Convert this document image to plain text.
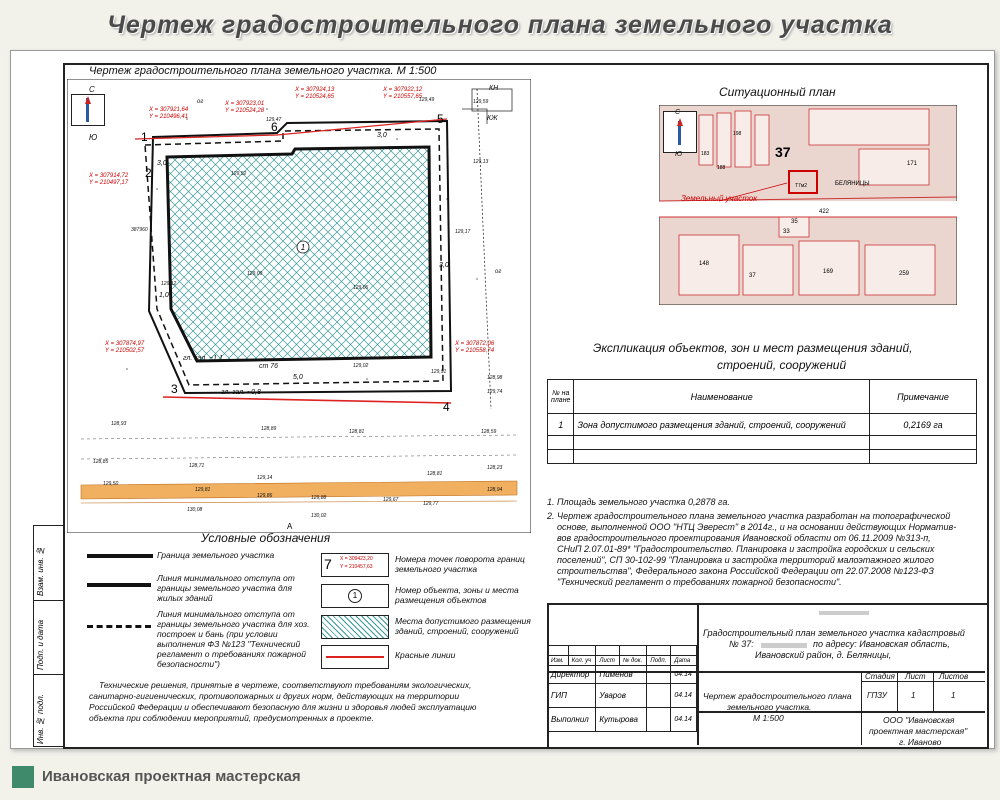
Чертеж градостроительного плана земельного участка
Взам. инв. №
Подп. и дата
Инв. № подл.
Чертеж градостроительного плана земельного участка. М 1:500
1
1
2
3
4
5
6
3,0
3,0
3,0
1,0
5,0
А
С
Ю
X = 307921,64
Y = 210496,41
X = 307923,01
Y = 210524,28
X = 307924,13
Y = 210524,65
X = 307922,12
Y = 210557,65
X = 307914,72
Y = 210497,17
X = 307874,97
Y = 210502,57
X = 307872,06
Y = 210558,74
129,47
129,52
129,49
129,13
129,09
129,06
129,17
129,59
129,12
129,91
129,02
129,74
128,98
128,93
128,89	128,81
128,71
129,14
128,85
129,50
129,81
129,86	129,88	129,67
129,77
128,94
130,02
130,08
128,59
128,23
128,81
ст 76
гл. зал. ~1,1
гл. зал. ~0,8
КН
КЖ
ог
ог
387960
Ситуационный план
37
Земельный участок
БЕЛЯНИЦЫ
35
37
169
148
259
33
171
422
Т7м2
198
188
183
С
Ю
Экспликация объектов, зон и мест размещения зданий,
строений, сооружений
№ на плане	Наименование	Примечание
1	Зона допустимого размещения зданий, строений, сооружений	0,2169 га

1. Площадь земельного участка 0,2878 га.
2. Чертеж градостроительного плана земельного участка разработан на топографической
основе, выполненной ООО "НТЦ Эверест" в 2014г., и на основании действующих Норматив-
вов градостроительного проектирования Ивановской области от 06.11.2009 №313-п,
СНиП 2.07.01-89* "Градостроительство. Планировка и застройка городских и сельских
поселений", СП 30-102-99 "Планировка и застройка территорий малоэтажного жилого
строительства", Федерального закона Российской Федерации от 22.07.2008 №123-ФЗ
"Технический регламент о требованиях пожарной безопасности".
Условные обозначения
Граница земельного участка
Линия минимального отступа от границы земельного участка для жилых зданий
Линия минимального отступа от границы земельного участка для хоз. построек и бань (при условии выполнения ФЗ №123 "Технический регламент о требованиях пожарной безопасности")
7 X = 309423,20
Y = 210457,63
Номера точек поворота границ земельного участка
1
Номер объекта, зоны и места размещения объектов
Места допустимого размещения зданий, строений, сооружений
Красные линии
Технические решения, принятые в чертеже, соответствуют требованиям экологических,
санитарно-гигиенических, противопожарных и других норм, действующих на территории
Российской Федерации и обеспечивают безопасную для жизни и здоровья людей эксплуатацию
объекта при соблюдении мероприятий, предусмотренных в проекте.

Изм.	Кол. уч	Лист	№ док.	Подп.	Дата
Директор		Пименов			04.14
ГИП		Уваров			04.14
Выполнил		Кутырова			04.14
Градостроительный план земельного участка кадастровый
№ 37:	по адресу: Ивановская область,
Ивановский район, д. Беляницы,
Чертеж градостроительного плана
земельного участка.
М 1:500
Стадия Лист Листов
ГПЗУ	1	1
ООО "Ивановская
проектная мастерская"
г. Иваново
Ивановская проектная мастерская
